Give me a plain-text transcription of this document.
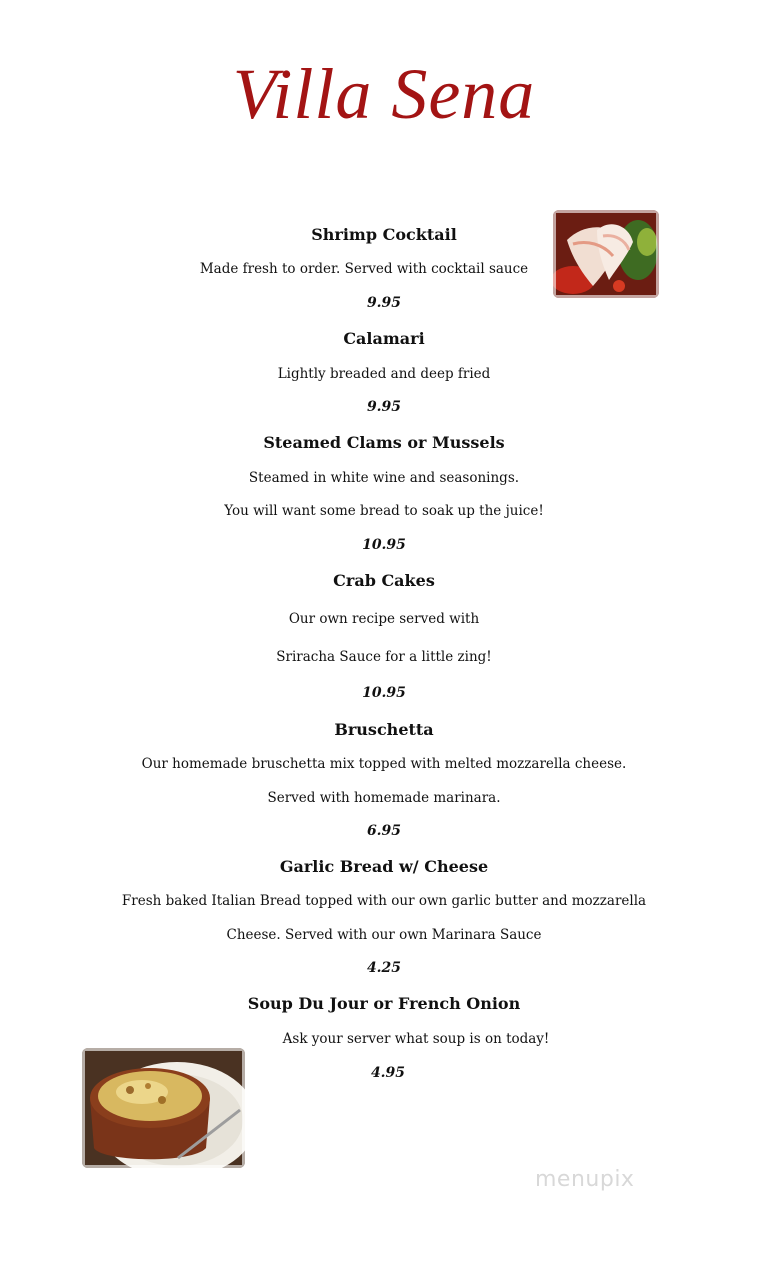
Villa Sena
Shrimp Cocktail
Made fresh to order. Served with cocktail sauce
9.95
Calamari
Lightly breaded and deep fried
9.95
Steamed Clams or Mussels
Steamed in white wine and seasonings.
You will want some bread to soak up the juice!
10.95
Crab Cakes
Our own recipe served with
Sriracha Sauce for a little zing!
10.95
Bruschetta
Our homemade bruschetta mix topped with melted mozzarella cheese.
Served with homemade marinara.
6.95
Garlic Bread w/ Cheese
Fresh baked Italian Bread topped with our own garlic butter and mozzarella
Cheese. Served with our own Marinara Sauce
4.25
Soup Du Jour or French Onion
Ask your server what soup is on today!
4.95
menupix
